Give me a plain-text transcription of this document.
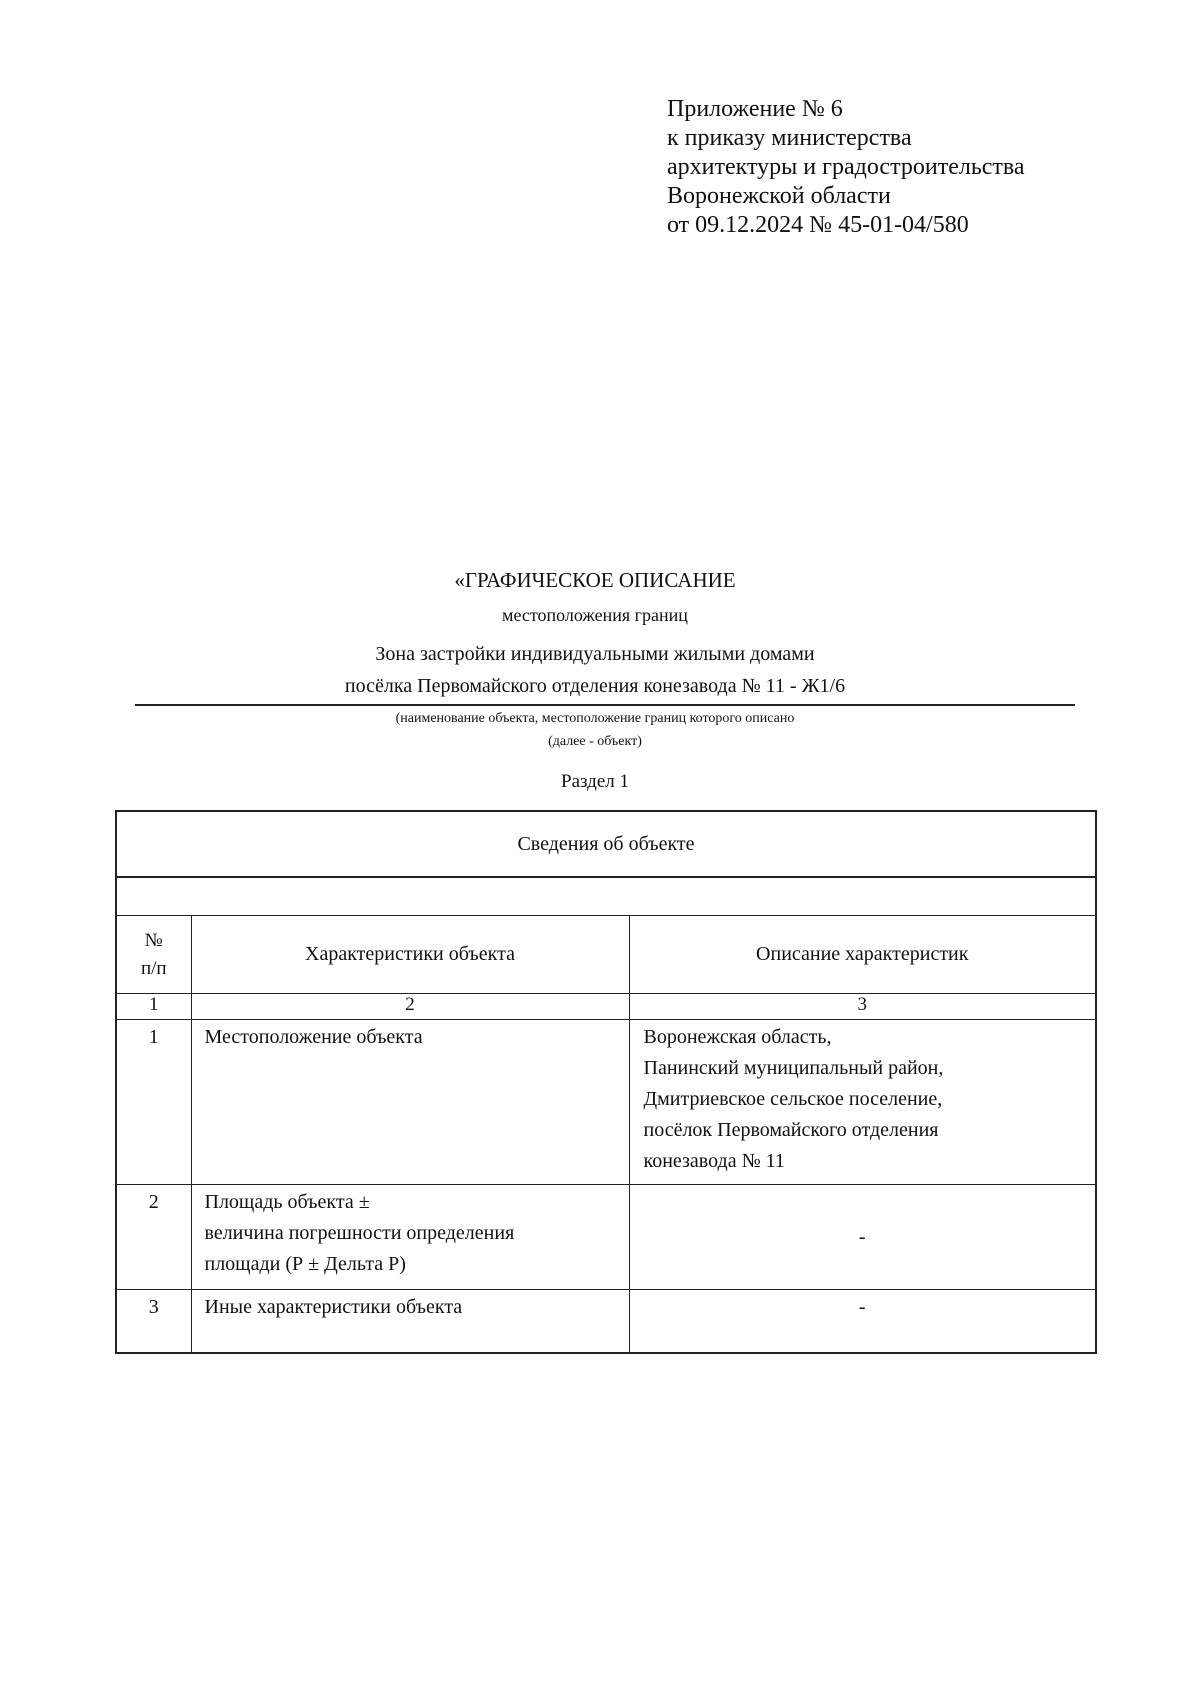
Приложение № 6
к приказу министерства
архитектуры и градостроительства
Воронежской области
от 09.12.2024 № 45-01-04/580
«ГРАФИЧЕСКОЕ ОПИСАНИЕ
местоположения границ
Зона застройки индивидуальными жилыми домами
посёлка Первомайского отделения конезавода № 11 - Ж1/6
(наименование объекта, местоположение границ которого описано
(далее - объект)
Раздел 1
Сведения об объекте		

№
п/п	Характеристики объекта	Описание характеристик
1	2	3
1	Местоположение объекта	Воронежская область,
Панинский муниципальный район,
Дмитриевское сельское поселение,
посёлок Первомайского отделения
конезавода № 11

2	Площадь объекта ±
величина погрешности определения
площади (Р ± Дельта Р)	-
3	Иные характеристики объекта	-
